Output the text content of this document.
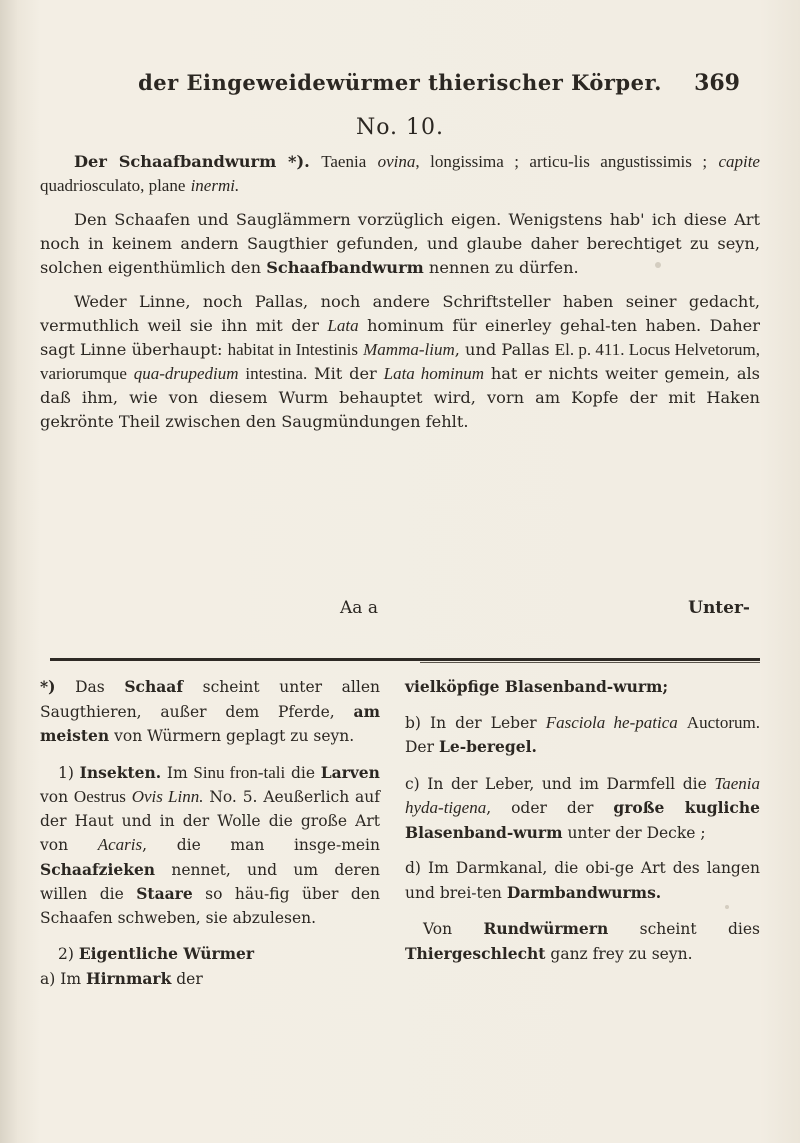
der Eingeweidewürmer thierischer Körper.	369
No. 10.

Der Schaafbandwurm *). Taenia ovina, longissima ; articu-lis angustissimis ; capite quadriosculato, plane inermi.

Den Schaafen und Sauglämmern vorzüglich eigen. Wenigstens hab' ich diese Art noch in keinem andern Saugthier gefunden, und glaube daher berechtiget zu seyn, solchen eigenthümlich den Schaafbandwurm nennen zu dürfen.

Weder Linne, noch Pallas, noch andere Schriftsteller haben seiner gedacht, vermuthlich weil sie ihn mit der Lata hominum für einerley gehal-ten haben. Daher sagt Linne überhaupt: habitat in Intestinis Mamma-lium, und Pallas El. p. 411. Locus Helvetorum, variorumque qua-drupedium intestina. Mit der Lata hominum hat er nichts weiter gemein, als daß ihm, wie von diesem Wurm behauptet wird, vorn am Kopfe der mit Haken gekrönte Theil zwischen den Saugmündungen fehlt.

Aa a	Unter-

*) Das Schaaf scheint unter allen Saugthieren, außer dem Pferde, am meisten von Würmern geplagt zu seyn.

1) Insekten. Im Sinu fron-tali die Larven von Oestrus Ovis Linn. No. 5. Aeußerlich auf der Haut und in der Wolle die große Art von Acaris, die man insge-mein Schaafzieken nennet, und um deren willen die Staare so häu-fig über den Schaafen schweben, sie abzulesen.

2) Eigentliche Würmer
a) Im Hirnmark der

vielköpfige Blasenband-wurm;

b) In der Leber Fasciola he-patica Auctorum. Der Le-beregel.

c) In der Leber, und im Darmfell die Taenia hyda-tigena, oder der große kugliche Blasenband-wurm unter der Decke ;

d) Im Darmkanal, die obi-ge Art des langen und brei-ten Darmbandwurms.

Von Rundwürmern scheint dies Thiergeschlecht ganz frey zu seyn.
